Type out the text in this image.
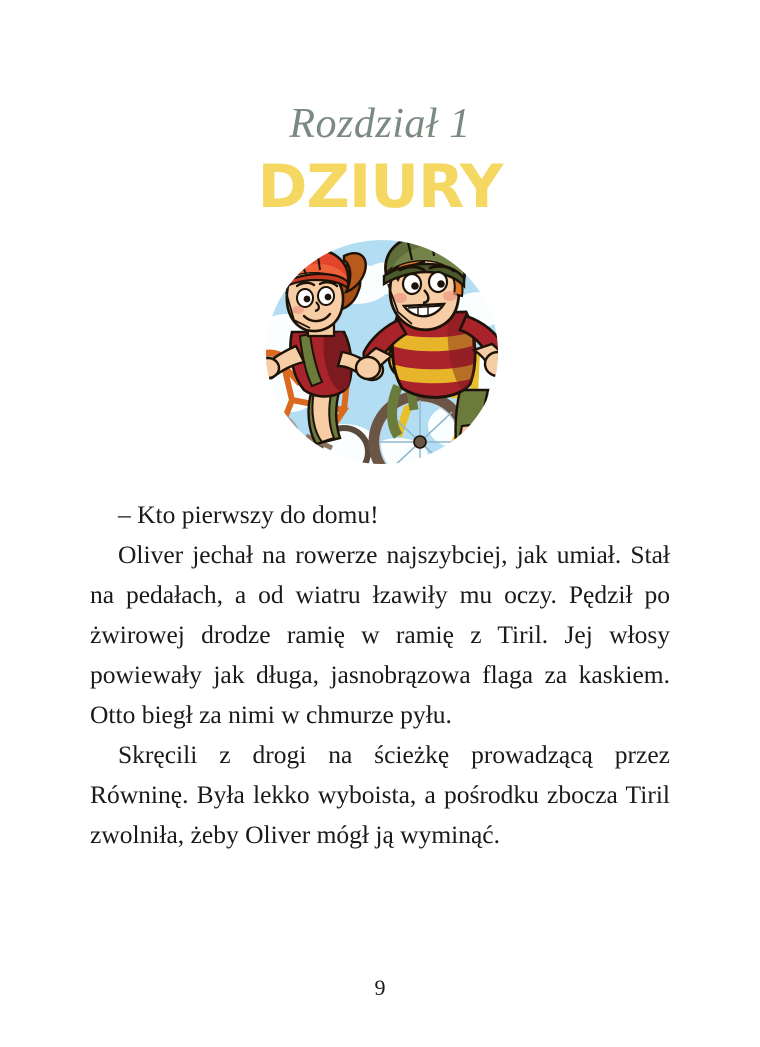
Rozdział 1
DZIURY

– Kto pierwszy do domu!

Oliver jechał na rowerze najszybciej, jak umiał. Stał na pedałach, a od wiatru łzawiły mu oczy. Pędził po żwirowej drodze ramię w ramię z Tiril. Jej włosy powiewały jak długa, jasnobrązowa flaga za kaskiem. Otto biegł za nimi w chmurze pyłu.

Skręcili z drogi na ścieżkę prowadzącą przez Równinę. Była lekko wyboista, a pośrodku zbocza Tiril zwolniła, żeby Oliver mógł ją wyminąć.

9
